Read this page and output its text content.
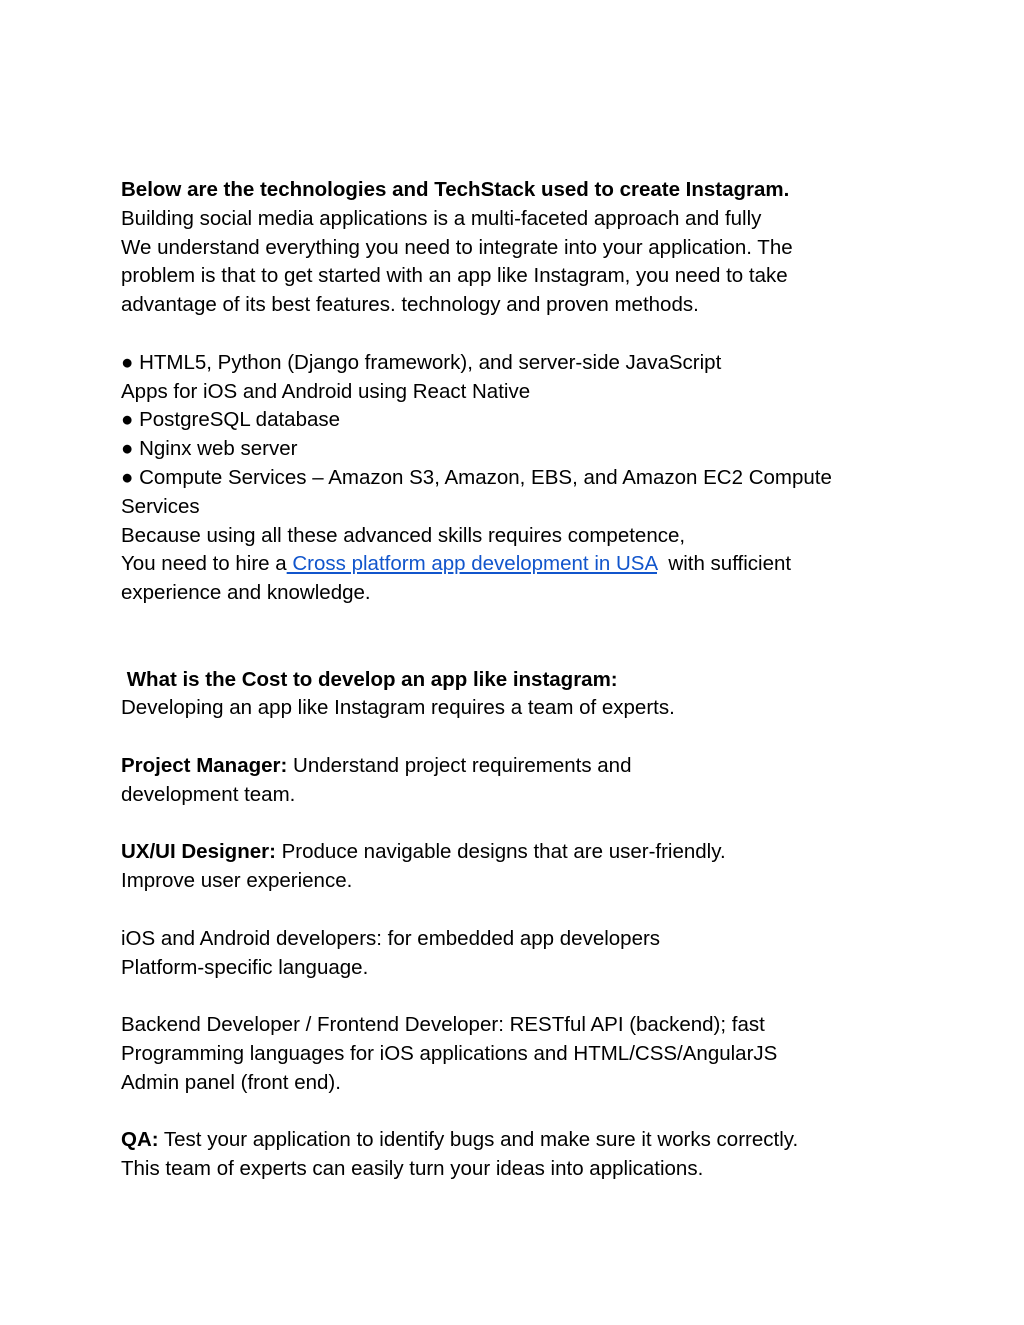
Below are the technologies and TechStack used to create Instagram.
Building social media applications is a multi-faceted approach and fully
We understand everything you need to integrate into your application. The
problem is that to get started with an app like Instagram, you need to take
advantage of its best features. technology and proven methods.
● HTML5, Python (Django framework), and server-side JavaScript
Apps for iOS and Android using React Native
● PostgreSQL database
● Nginx web server
● Compute Services – Amazon S3, Amazon, EBS, and Amazon EC2 Compute
Services
Because using all these advanced skills requires competence,
You need to hire a Cross platform app development in USA  with sufficient
experience and knowledge.
What is the Cost to develop an app like instagram:
Developing an app like Instagram requires a team of experts.
Project Manager: Understand project requirements and
development team.
UX/UI Designer: Produce navigable designs that are user-friendly.
Improve user experience.
iOS and Android developers: for embedded app developers
Platform-specific language.
Backend Developer / Frontend Developer: RESTful API (backend); fast
Programming languages for iOS applications and HTML/CSS/AngularJS
Admin panel (front end).
QA: Test your application to identify bugs and make sure it works correctly.
This team of experts can easily turn your ideas into applications.
